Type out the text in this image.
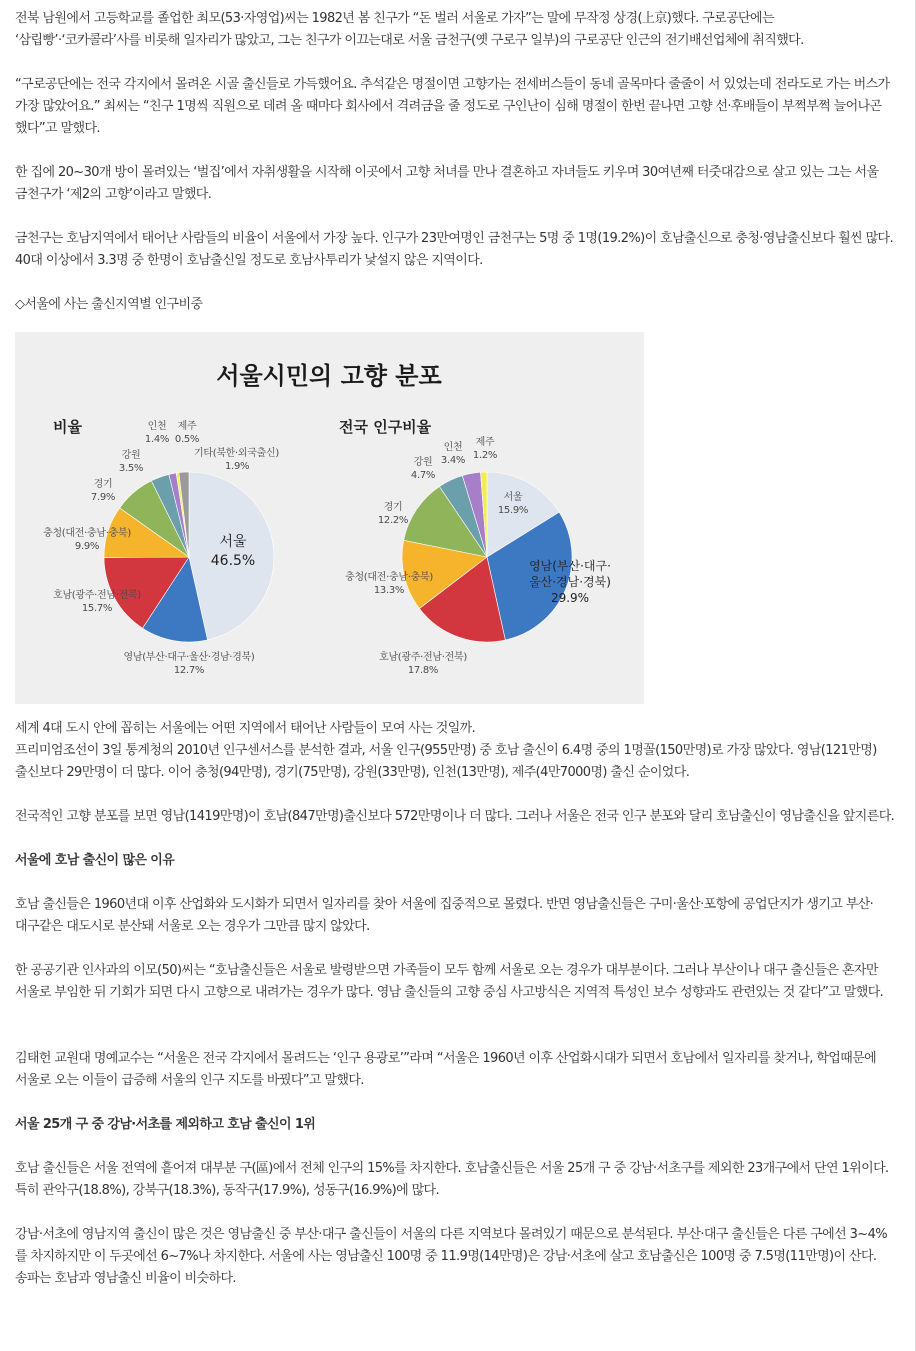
전북 남원에서 고등학교를 졸업한 최모(53·자영업)씨는 1982년 봄 친구가 “돈 벌러 서울로 가자”는 말에 무작정 상경(上京)했다. 구로공단에는 ‘삼립빵’·‘코카콜라’사를 비롯해 일자리가 많았고, 그는 친구가 이끄는대로 서울 금천구(옛 구로구 일부)의 구로공단 인근의 전기배선업체에 취직했다.

“구로공단에는 전국 각지에서 몰려온 시골 출신들로 가득했어요. 추석같은 명절이면 고향가는 전세버스들이 동네 골목마다 줄줄이 서 있었는데 전라도로 가는 버스가 가장 많았어요.” 최씨는 “친구 1명씩 직원으로 데려 올 때마다 회사에서 격려금을 줄 정도로 구인난이 심해 명절이 한번 끝나면 고향 선·후배들이 부쩍부쩍 늘어나곤 했다”고 말했다.

한 집에 20~30개 방이 몰려있는 ‘벌집’에서 자취생활을 시작해 이곳에서 고향 처녀를 만나 결혼하고 자녀들도 키우며 30여년째 터줏대감으로 살고 있는 그는 서울 금천구가 ‘제2의 고향’이라고 말했다.

금천구는 호남지역에서 태어난 사람들의 비율이 서울에서 가장 높다. 인구가 23만여명인 금천구는 5명 중 1명(19.2%)이 호남출신으로 충청·영남출신보다 훨씬 많다. 40대 이상에서 3.3명 중 한명이 호남출신일 정도로 호남사투리가 낯설지 않은 지역이다.

◇서울에 사는 출신지역별 인구비중

서울시민의 고향 분포
비율	전국 인구비율
서울
46.5%
영남(부산·대구·울산·경남·경북)
12.7%
호남(광주·전남·전북)
15.7%
충청(대전·충남·충북)
9.9%
경기
7.9%
강원
3.5%
인천
1.4%
제주
0.5%
기타(북한·외국출신)
1.9%
서울
15.9%
영남(부산·대구·
울산·경남·경북)
29.9%
호남(광주·전남·전북)
17.8%
충청(대전·충남·충북)
13.3%
경기
12.2%
강원
4.7%
인천
3.4%
제주
1.2%

세계 4대 도시 안에 꼽히는 서울에는 어떤 지역에서 태어난 사람들이 모여 사는 것일까.

프리미엄조선이 3일 통계청의 2010년 인구센서스를 분석한 결과, 서울 인구(955만명) 중 호남 출신이 6.4명 중의 1명꼴(150만명)로 가장 많았다. 영남(121만명)출신보다 29만명이 더 많다. 이어 충청(94만명), 경기(75만명), 강원(33만명), 인천(13만명), 제주(4만7000명) 출신 순이었다.

전국적인 고향 분포를 보면 영남(1419만명)이 호남(847만명)출신보다 572만명이나 더 많다. 그러나 서울은 전국 인구 분포와 달리 호남출신이 영남출신을 앞지른다.

서울에 호남 출신이 많은 이유

호남 출신들은 1960년대 이후 산업화와 도시화가 되면서 일자리를 찾아 서울에 집중적으로 몰렸다. 반면 영남출신들은 구미·울산·포항에 공업단지가 생기고 부산·대구같은 대도시로 분산돼 서울로 오는 경우가 그만큼 많지 않았다.

한 공공기관 인사과의 이모(50)씨는 “호남출신들은 서울로 발령받으면 가족들이 모두 함께 서울로 오는 경우가 대부분이다. 그러나 부산이나 대구 출신들은 혼자만 서울로 부임한 뒤 기회가 되면 다시 고향으로 내려가는 경우가 많다. 영남 출신들의 고향 중심 사고방식은 지역적 특성인 보수 성향과도 관련있는 것 같다”고 말했다.

김태헌 교원대 명예교수는 “서울은 전국 각지에서 몰려드는 ‘인구 용광로’”라며 “서울은 1960년 이후 산업화시대가 되면서 호남에서 일자리를 찾거나, 학업때문에 서울로 오는 이들이 급증해 서울의 인구 지도를 바꿨다”고 말했다.

서울 25개 구 중 강남·서초를 제외하고 호남 출신이 1위

호남 출신들은 서울 전역에 흩어져 대부분 구(區)에서 전체 인구의 15%를 차지한다. 호남출신들은 서울 25개 구 중 강남·서초구를 제외한 23개구에서 단연 1위이다. 특히 관악구(18.8%), 강북구(18.3%), 동작구(17.9%), 성동구(16.9%)에 많다.

강남·서초에 영남지역 출신이 많은 것은 영남출신 중 부산·대구 출신들이 서울의 다른 지역보다 몰려있기 때문으로 분석된다. 부산·대구 출신들은 다른 구에선 3~4%를 차지하지만 이 두곳에선 6~7%나 차지한다. 서울에 사는 영남출신 100명 중 11.9명(14만명)은 강남·서초에 살고 호남출신은 100명 중 7.5명(11만명)이 산다. 송파는 호남과 영남출신 비율이 비슷하다.
